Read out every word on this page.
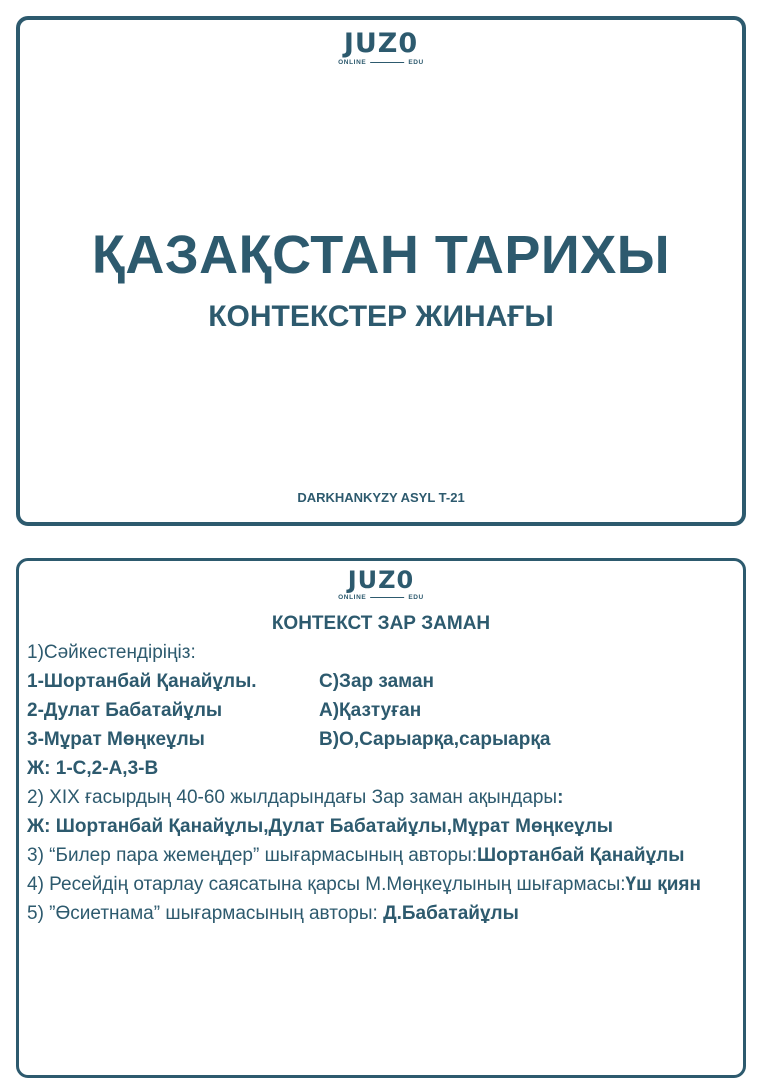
JUZ0
ONLINE	EDU
ҚАЗАҚСТАН ТАРИХЫ
КОНТЕКСТЕР ЖИНАҒЫ
DARKHANKYZY ASYL T-21
JUZ0
ONLINE	EDU
КОНТЕКСТ ЗАР ЗАМАН
1)Сәйкестендіріңіз:
1-Шортанбай Қанайұлы.	С)Зар заман
2-Дулат Бабатайұлы	А)Қазтуған
3-Мұрат Мөңкеұлы	В)О,Сарыарқа,сарыарқа
Ж: 1-С,2-А,3-В
2) XIX ғасырдың 40-60 жылдарындағы Зар заман ақындары:
Ж: Шортанбай Қанайұлы,Дулат Бабатайұлы,Мұрат Мөңкеұлы
3) “Билер пара жемеңдер” шығармасының авторы:Шортанбай Қанайұлы
4) Ресейдің отарлау саясатына қарсы М.Мөңкеұлының шығармасы:Үш қиян
5) ”Өсиетнама” шығармасының авторы: Д.Бабатайұлы
